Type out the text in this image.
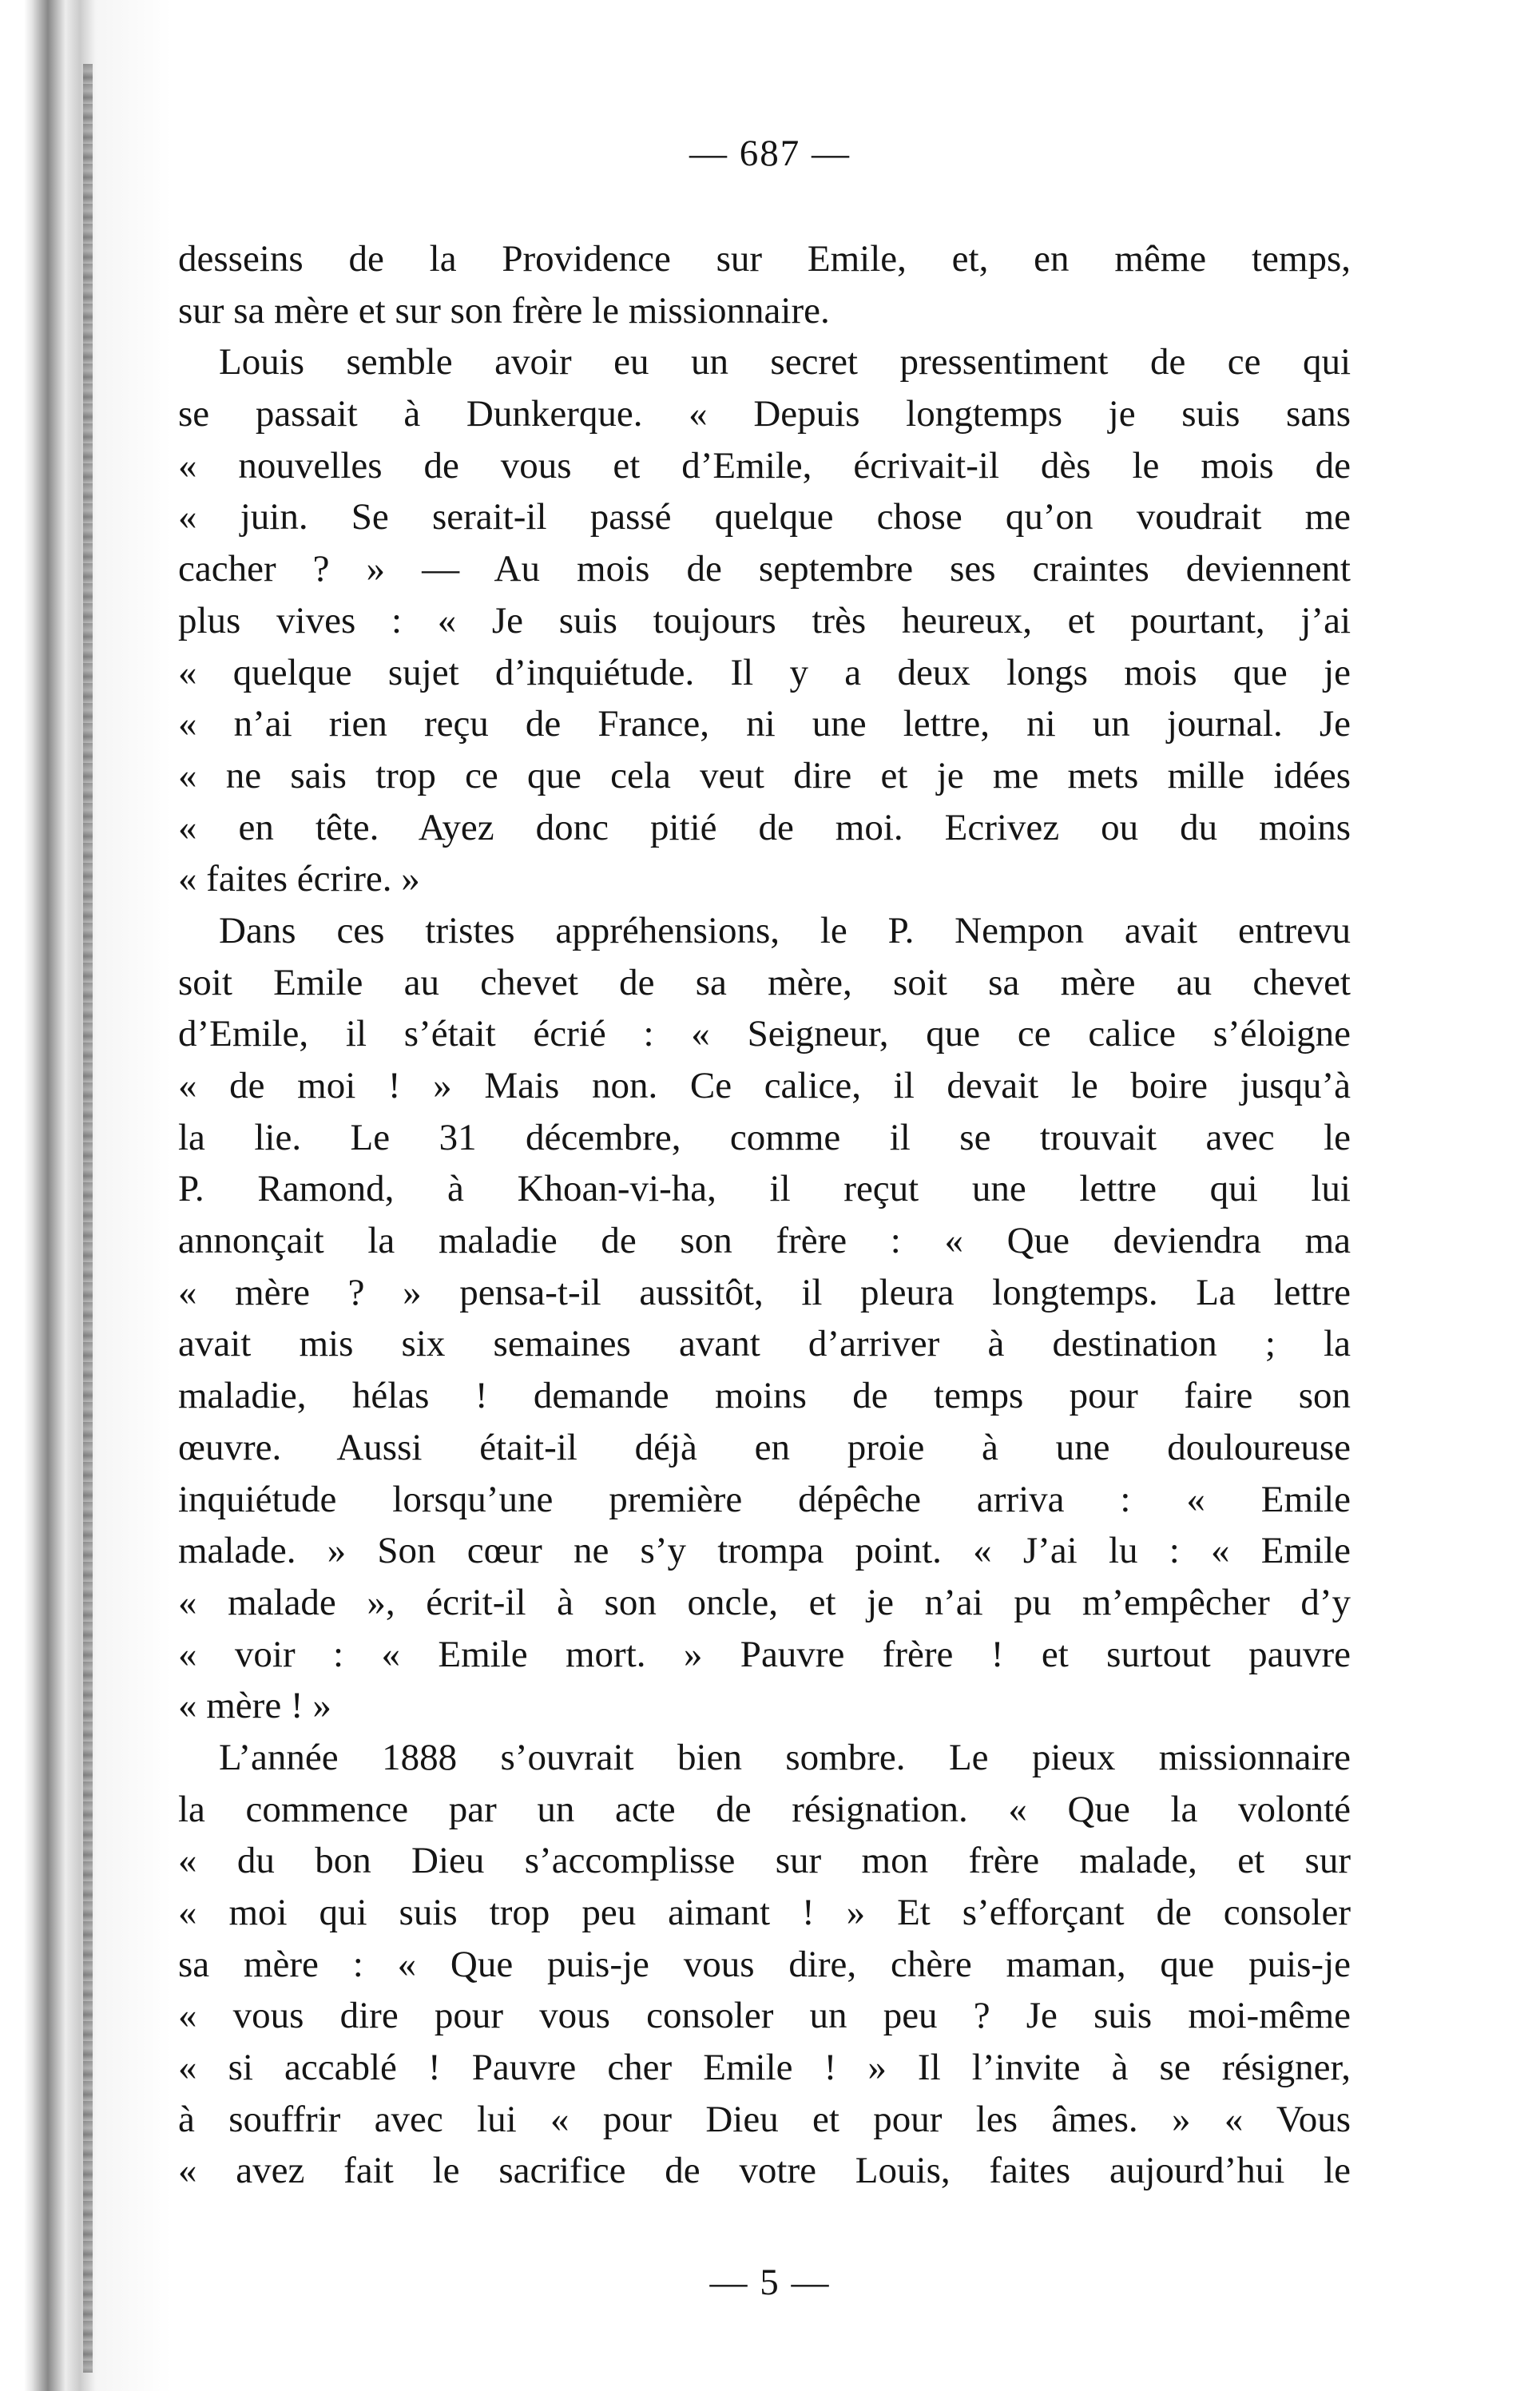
— 687 —
desseins de la Providence sur Emile, et, en même temps,
sur sa mère et sur son frère le missionnaire.
Louis semble avoir eu un secret pressentiment de ce qui
se passait à Dunkerque. « Depuis longtemps je suis sans
« nouvelles de vous et d’Emile, écrivait-il dès le mois de
« juin. Se serait-il passé quelque chose qu’on voudrait me
cacher ? » — Au mois de septembre ses craintes deviennent
plus vives : « Je suis toujours très heureux, et pourtant, j’ai
« quelque sujet d’inquiétude. Il y a deux longs mois que je
« n’ai rien reçu de France, ni une lettre, ni un journal. Je
« ne sais trop ce que cela veut dire et je me mets mille idées
« en tête. Ayez donc pitié de moi. Ecrivez ou du moins
« faites écrire. »
Dans ces tristes appréhensions, le P. Nempon avait entrevu
soit Emile au chevet de sa mère, soit sa mère au chevet
d’Emile, il s’était écrié : « Seigneur, que ce calice s’éloigne
« de moi ! » Mais non. Ce calice, il devait le boire jusqu’à
la lie. Le 31 décembre, comme il se trouvait avec le
P. Ramond, à Khoan-vi-ha, il reçut une lettre qui lui
annonçait la maladie de son frère : « Que deviendra ma
« mère ? » pensa-t-il aussitôt, il pleura longtemps. La lettre
avait mis six semaines avant d’arriver à destination ; la
maladie, hélas ! demande moins de temps pour faire son
œuvre. Aussi était-il déjà en proie à une douloureuse
inquiétude lorsqu’une première dépêche arriva : « Emile
malade. » Son cœur ne s’y trompa point. « J’ai lu : « Emile
« malade », écrit-il à son oncle, et je n’ai pu m’empêcher d’y
« voir : « Emile mort. » Pauvre frère ! et surtout pauvre
« mère ! »
L’année 1888 s’ouvrait bien sombre. Le pieux missionnaire
la commence par un acte de résignation. « Que la volonté
« du bon Dieu s’accomplisse sur mon frère malade, et sur
« moi qui suis trop peu aimant ! » Et s’efforçant de consoler
sa mère : « Que puis-je vous dire, chère maman, que puis-je
« vous dire pour vous consoler un peu ? Je suis moi-même
« si accablé ! Pauvre cher Emile ! » Il l’invite à se résigner,
à souffrir avec lui « pour Dieu et pour les âmes. » « Vous
« avez fait le sacrifice de votre Louis, faites aujourd’hui le
— 5 —
